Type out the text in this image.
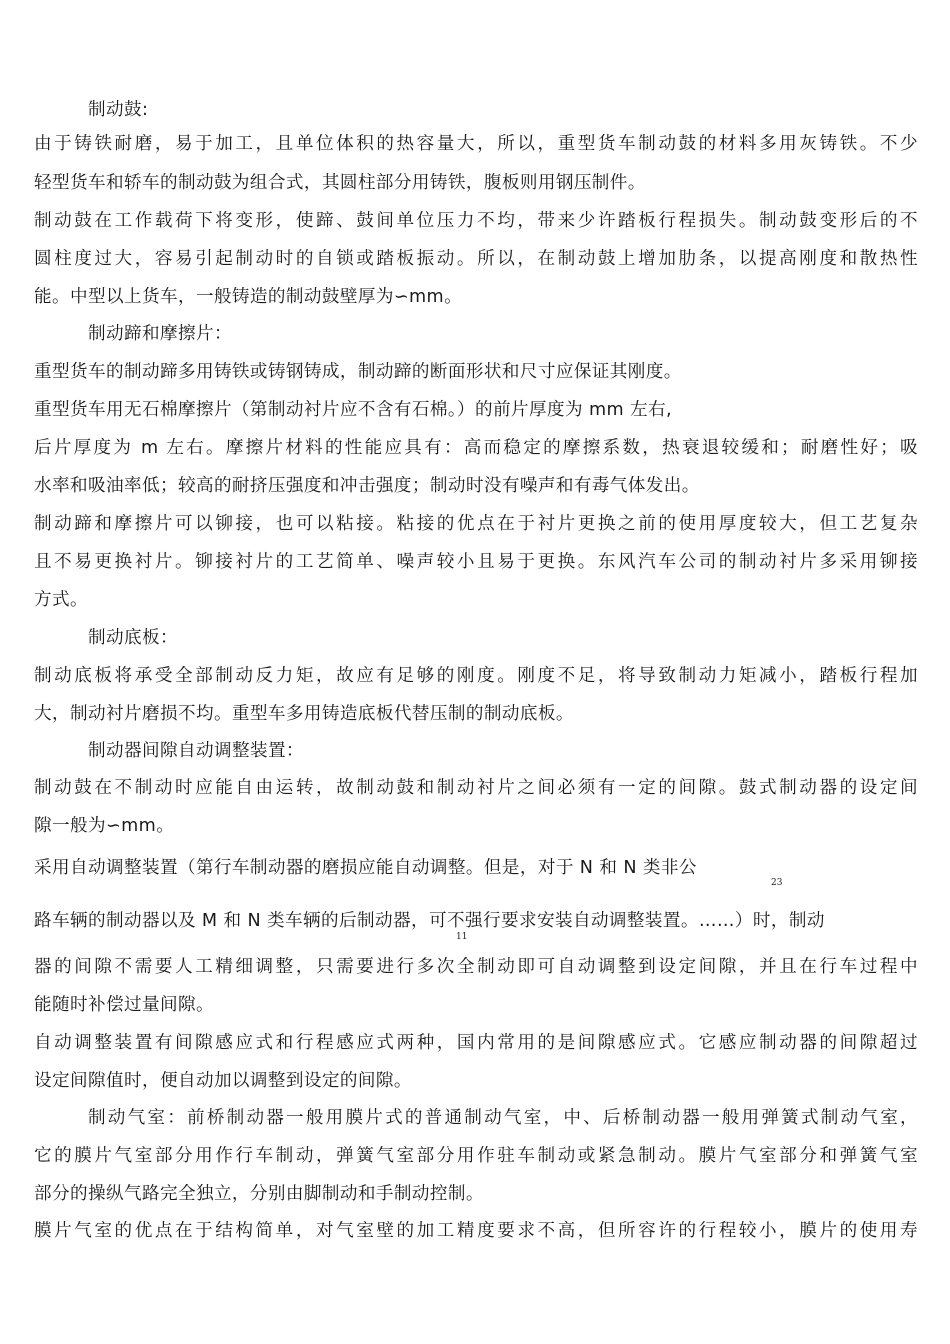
制动鼓:
由于铸铁耐磨，易于加工，且单位体积的热容量大，所以，重型货车制动鼓的材料多用灰铸铁。不少
轻型货车和轿车的制动鼓为组合式，其圆柱部分用铸铁，腹板则用钢压制件。
制动鼓在工作载荷下将变形，使蹄、鼓间单位压力不均，带来少许踏板行程损失。制动鼓变形后的不
圆柱度过大，容易引起制动时的自锁或踏板振动。所以，在制动鼓上增加肋条，以提高刚度和散热性
能。中型以上货车，一般铸造的制动鼓壁厚为∽mm。
制动蹄和摩擦片：
重型货车的制动蹄多用铸铁或铸钢铸成，制动蹄的断面形状和尺寸应保证其刚度。
重型货车用无石棉摩擦片（第制动衬片应不含有石棉。）的前片厚度为 mm 左右,
后片厚度为 m 左右。摩擦片材料的性能应具有：高而稳定的摩擦系数，热衰退较缓和；耐磨性好；吸
水率和吸油率低；较高的耐挤压强度和冲击强度；制动时没有噪声和有毒气体发出。
制动蹄和摩擦片可以铆接，也可以粘接。粘接的优点在于衬片更换之前的使用厚度较大，但工艺复杂
且不易更换衬片。铆接衬片的工艺简单、噪声较小且易于更换。东风汽车公司的制动衬片多采用铆接
方式。
制动底板：
制动底板将承受全部制动反力矩，故应有足够的刚度。刚度不足，将导致制动力矩减小，踏板行程加
大，制动衬片磨损不均。重型车多用铸造底板代替压制的制动底板。
制动器间隙自动调整装置：
制动鼓在不制动时应能自由运转，故制动鼓和制动衬片之间必须有一定的间隙。鼓式制动器的设定间
隙一般为∽mm。
采用自动调整装置（第行车制动器的磨损应能自动调整。但是，对于 N 和 N 类非公
23
路车辆的制动器以及 M 和 N 类车辆的后制动器，可不强行要求安装自动调整装置。……）时，制动
11
器的间隙不需要人工精细调整，只需要进行多次全制动即可自动调整到设定间隙，并且在行车过程中
能随时补偿过量间隙。
自动调整装置有间隙感应式和行程感应式两种，国内常用的是间隙感应式。它感应制动器的间隙超过
设定间隙值时，便自动加以调整到设定的间隙。
制动气室：前桥制动器一般用膜片式的普通制动气室，中、后桥制动器一般用弹簧式制动气室，
它的膜片气室部分用作行车制动，弹簧气室部分用作驻车制动或紧急制动。膜片气室部分和弹簧气室
部分的操纵气路完全独立，分别由脚制动和手制动控制。
膜片气室的优点在于结构简单，对气室壁的加工精度要求不高，但所容许的行程较小，膜片的使用寿
